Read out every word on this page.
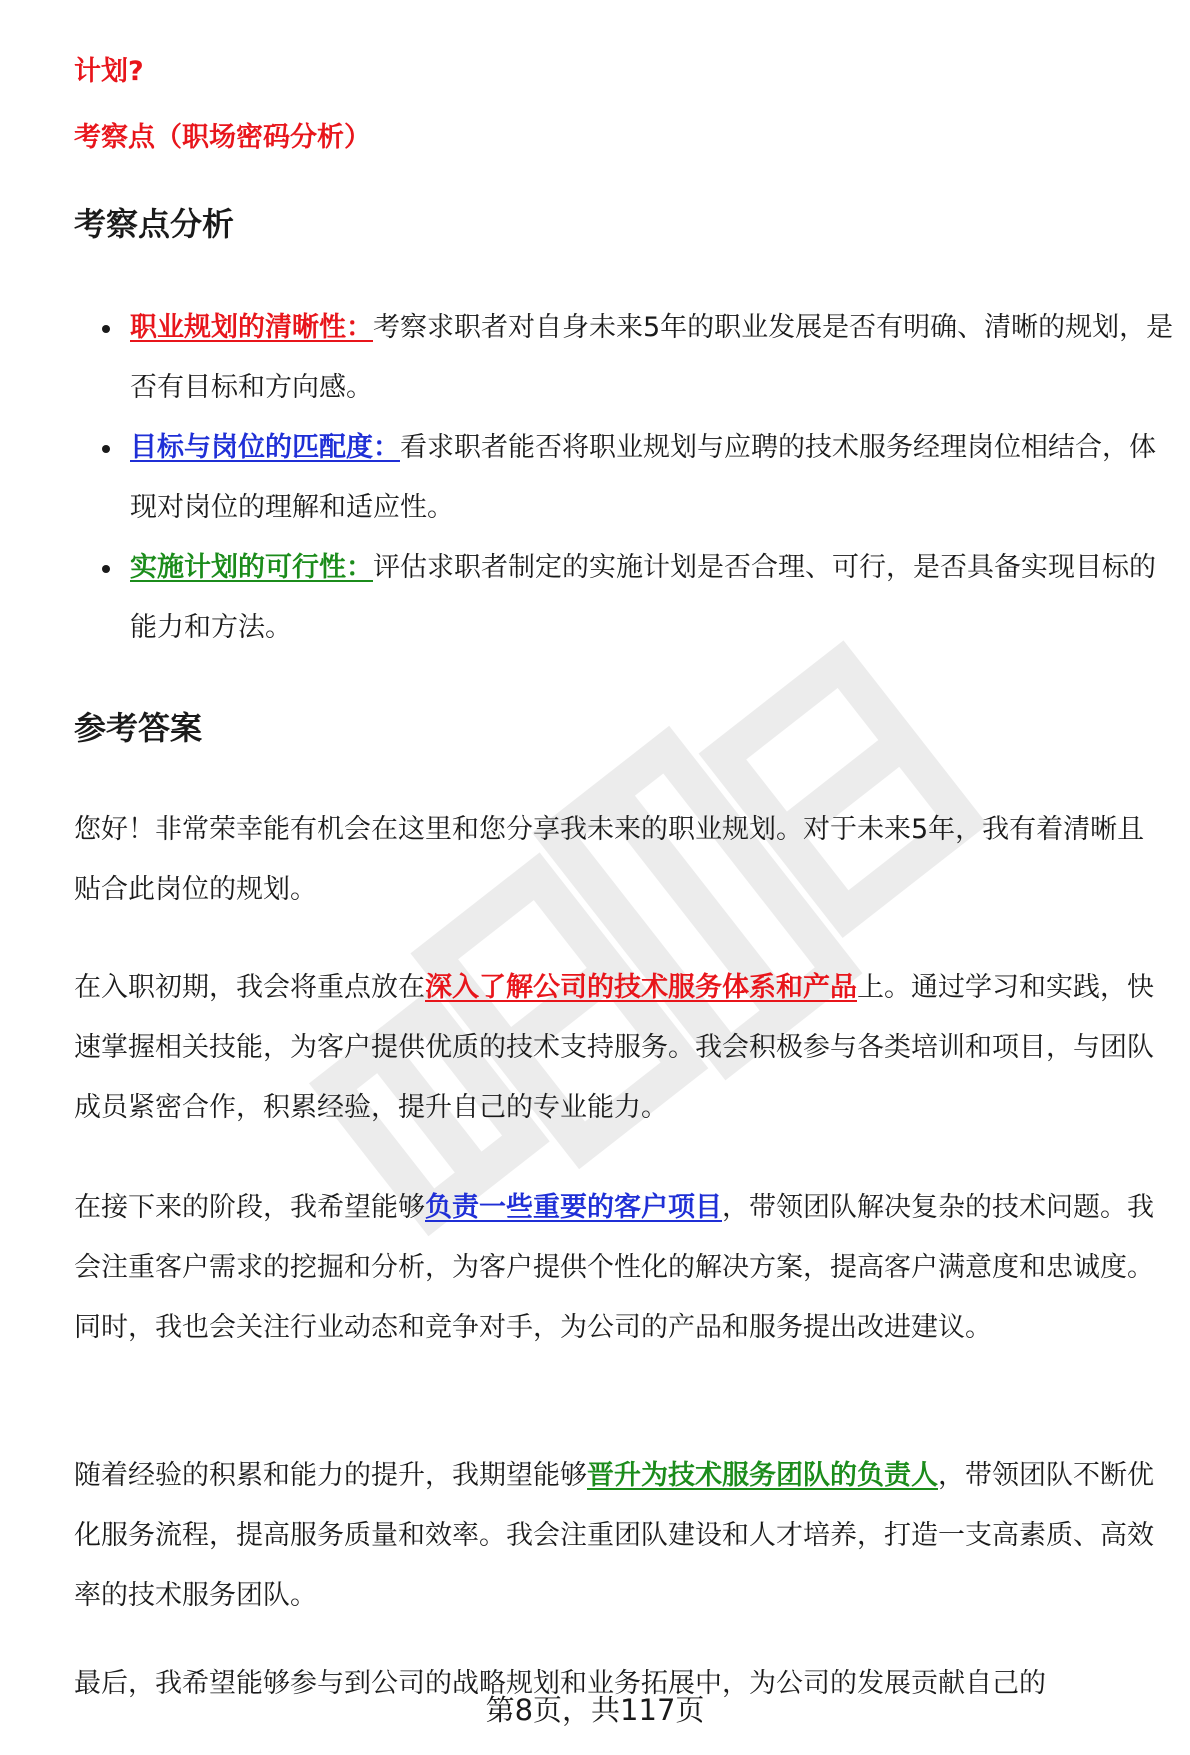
计划?
考察点（职场密码分析）
考察点分析
职业规划的清晰性：考察求职者对自身未来5年的职业发展是否有明确、清晰的规划，是否有目标和方向感。
目标与岗位的匹配度：看求职者能否将职业规划与应聘的技术服务经理岗位相结合，体现对岗位的理解和适应性。
实施计划的可行性：评估求职者制定的实施计划是否合理、可行，是否具备实现目标的能力和方法。
参考答案

您好！非常荣幸能有机会在这里和您分享我未来的职业规划。对于未来5年，我有着清晰且贴合此岗位的规划。

在入职初期，我会将重点放在深入了解公司的技术服务体系和产品上。通过学习和实践，快速掌握相关技能，为客户提供优质的技术支持服务。我会积极参与各类培训和项目，与团队成员紧密合作，积累经验，提升自己的专业能力。

在接下来的阶段，我希望能够负责一些重要的客户项目，带领团队解决复杂的技术问题。我会注重客户需求的挖掘和分析，为客户提供个性化的解决方案，提高客户满意度和忠诚度。同时，我也会关注行业动态和竞争对手，为公司的产品和服务提出改进建议。

随着经验的积累和能力的提升，我期望能够晋升为技术服务团队的负责人，带领团队不断优化服务流程，提高服务质量和效率。我会注重团队建设和人才培养，打造一支高素质、高效率的技术服务团队。

最后，我希望能够参与到公司的战略规划和业务拓展中，为公司的发展贡献自己的

第8页，共117页
